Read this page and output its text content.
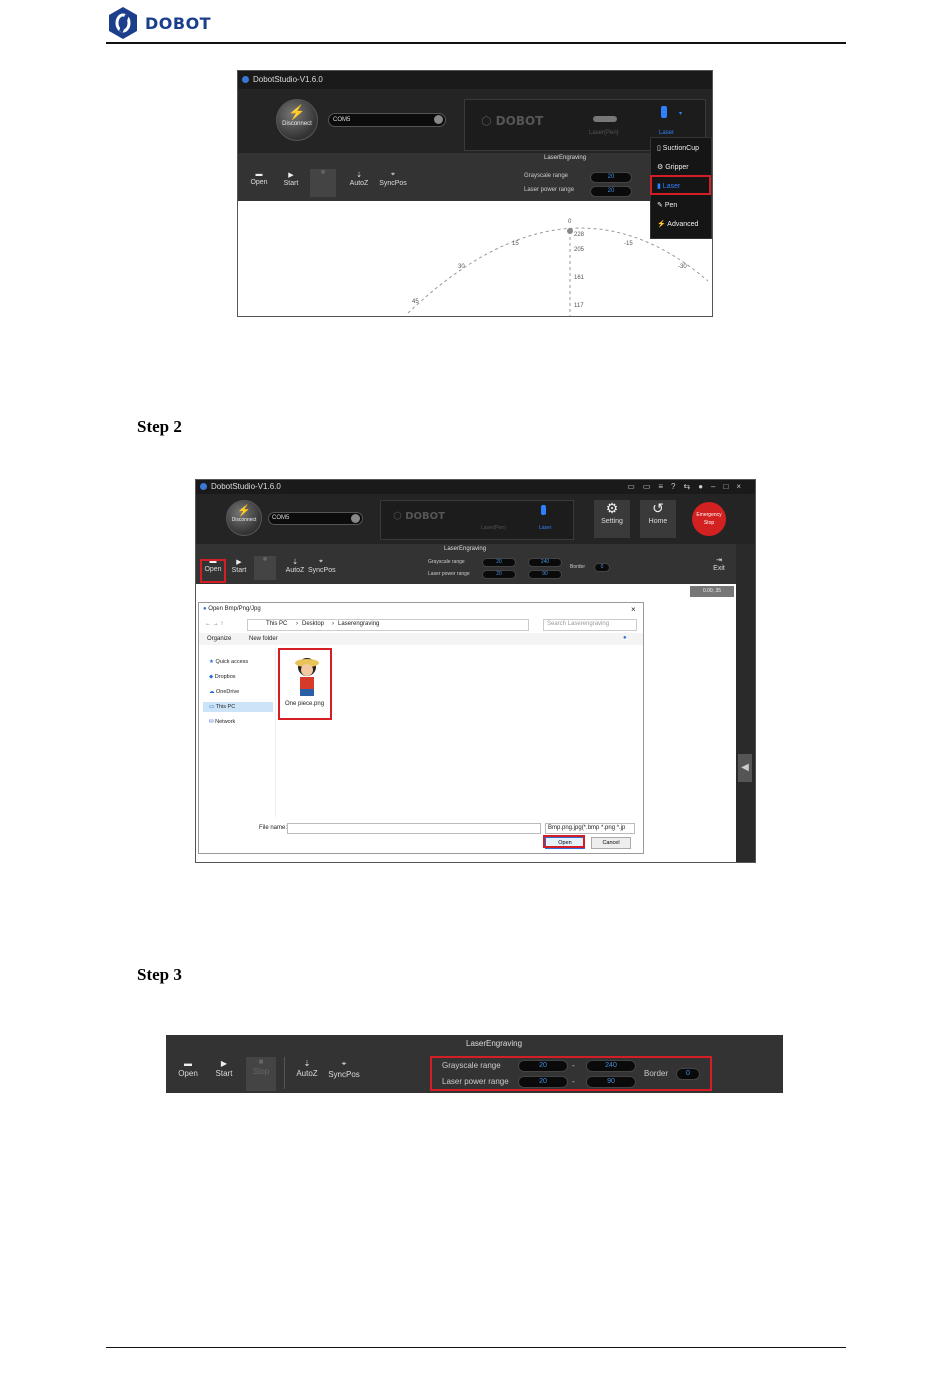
DOBOT
DobotStudio-V1.6.0
⚡
Disconnect
COM5	⬡ DOBOT
Laser(Pen)
▾
Laser
LaserEngraving
▬
Open
▶
Start
■	⇣
AutoZ
⌖
SyncPos
Grayscale range	20
Laser power range	20
0
15	-15
30	-30
45
228
205
161
117
▯ SuctionCup
⚙ Gripper
▮ Laser
✎ Pen
⚡ Advanced
Step 2
DobotStudio-V1.6.0	▭▭≡?⇆●–□×
⚡
Disconnect	COM5	⬡ DOBOT
Laser(Pen)	Laser
⚙
Setting
↺
Home
Emergency Stop
LaserEngraving
▬
Open
▶
Start
■	⇣
AutoZ
⌖
SyncPos
Grayscale range	20	240
Laser power range	20	90
Border	0
⇥
Exit
◀
0.00, 35
● Open Bmp/Png/Jpg	×
← → ↑	This PC › Desktop › Laserengraving	Search Laserengraving
Organize	New folder	●
★ Quick access
◆ Dropbox
☁ OneDrive
▭ This PC
⛁ Network
One piece.png
File name:	Bmp.png.jpg(*.bmp *.png *.jp
Open	Cancel
Step 3
LaserEngraving
▬
Open
▶
Start
■
Stop
⇣
AutoZ
⌖
SyncPos
Grayscale range	20	-	240
Laser power range	20	-	90
Border	0
